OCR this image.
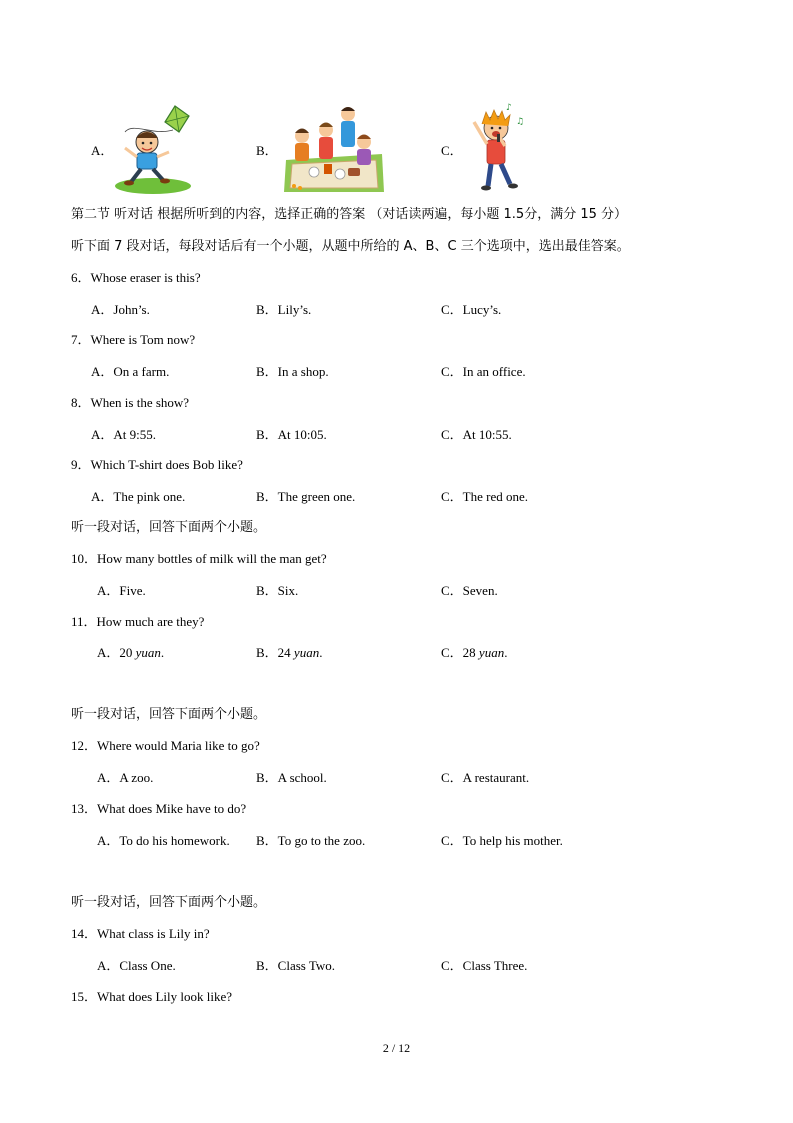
A．	B．	C．
♪
♫
第二节 听对话 根据所听到的内容，选择正确的答案 （对话读两遍，每小题 1.5分，满分 15 分）
听下面 7 段对话，每段对话后有一个小题，从题中所给的 A、B、C 三个选项中，选出最佳答案。
6．Whose eraser is this?
A．John’s.	B．Lily’s.	C．Lucy’s.
7．Where is Tom now?
A．On a farm.	B．In a shop.	C．In an office.
8．When is the show?
A．At 9:55.	B．At 10:05.	C．At 10:55.
9．Which T-shirt does Bob like?
A．The pink one.	B．The green one.	C．The red one.
听一段对话，回答下面两个小题。
10．How many bottles of milk will the man get?
A．Five.	B．Six.	C．Seven.
11．How much are they?
A．20 yuan.	B．24 yuan.	C．28 yuan.
听一段对话，回答下面两个小题。
12．Where would Maria like to go?
A．A zoo.	B．A school.	C．A restaurant.
13．What does Mike have to do?
A．To do his homework. B．To go to the zoo.	C．To help his mother.
听一段对话，回答下面两个小题。
14．What class is Lily in?
A．Class One.	B．Class Two.	C．Class Three.
15．What does Lily look like?
2 / 12
